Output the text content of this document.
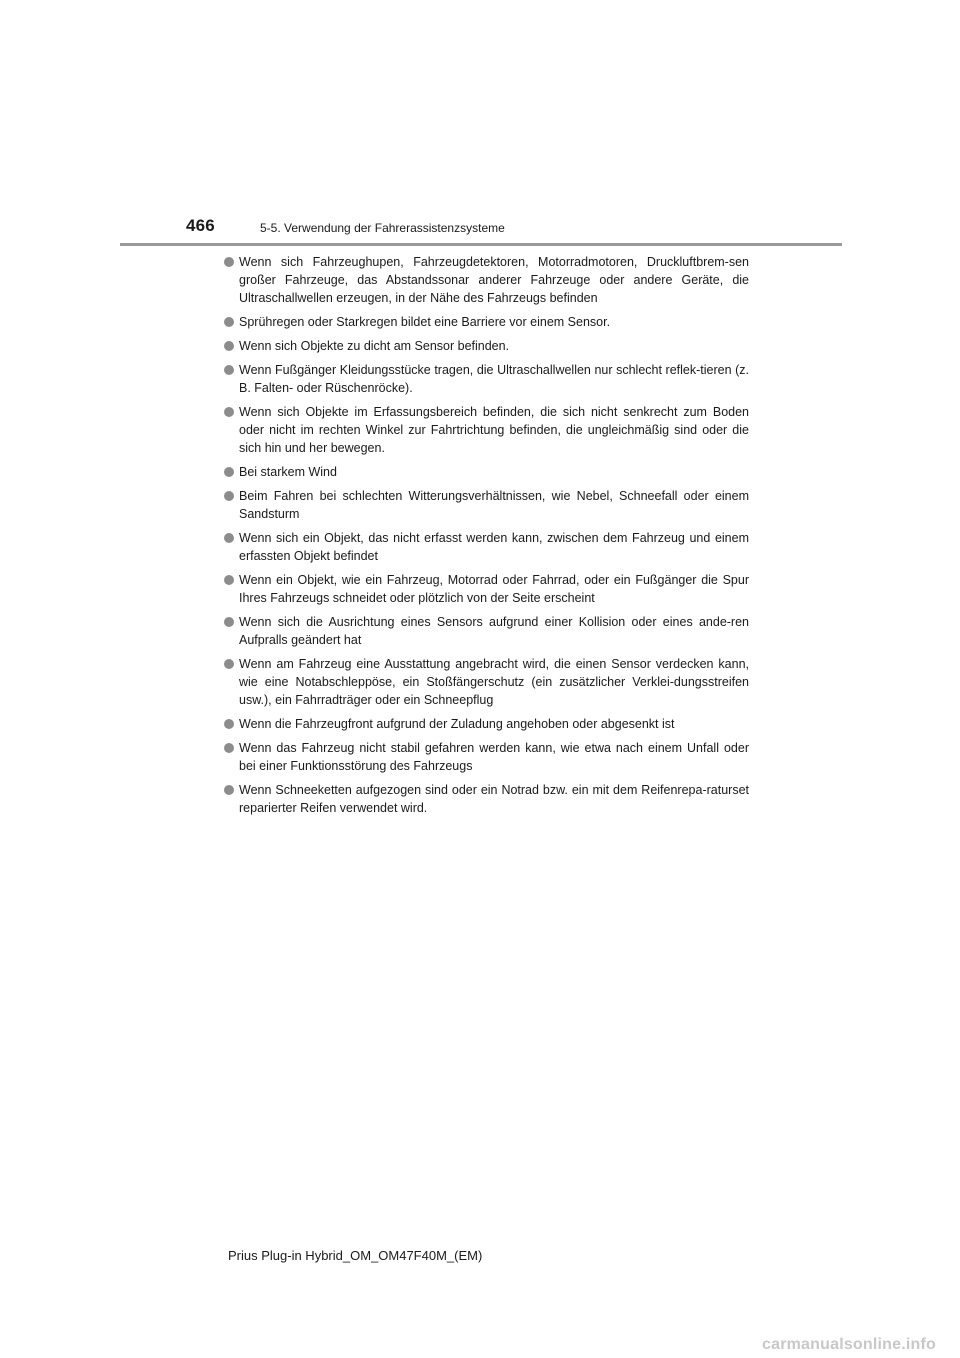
466	5-5. Verwendung der Fahrerassistenzsysteme
Wenn sich Fahrzeughupen, Fahrzeugdetektoren, Motorradmotoren, Druckluftbrem-sen großer Fahrzeuge, das Abstandssonar anderer Fahrzeuge oder andere Geräte, die Ultraschallwellen erzeugen, in der Nähe des Fahrzeugs befinden
Sprühregen oder Starkregen bildet eine Barriere vor einem Sensor.
Wenn sich Objekte zu dicht am Sensor befinden.
Wenn Fußgänger Kleidungsstücke tragen, die Ultraschallwellen nur schlecht reflek-tieren (z. B. Falten- oder Rüschenröcke).
Wenn sich Objekte im Erfassungsbereich befinden, die sich nicht senkrecht zum Boden oder nicht im rechten Winkel zur Fahrtrichtung befinden, die ungleichmäßig sind oder die sich hin und her bewegen.
Bei starkem Wind
Beim Fahren bei schlechten Witterungsverhältnissen, wie Nebel, Schneefall oder einem Sandsturm
Wenn sich ein Objekt, das nicht erfasst werden kann, zwischen dem Fahrzeug und einem erfassten Objekt befindet
Wenn ein Objekt, wie ein Fahrzeug, Motorrad oder Fahrrad, oder ein Fußgänger die Spur Ihres Fahrzeugs schneidet oder plötzlich von der Seite erscheint
Wenn sich die Ausrichtung eines Sensors aufgrund einer Kollision oder eines ande-ren Aufpralls geändert hat
Wenn am Fahrzeug eine Ausstattung angebracht wird, die einen Sensor verdecken kann, wie eine Notabschleppöse, ein Stoßfängerschutz (ein zusätzlicher Verklei-dungsstreifen usw.), ein Fahrradträger oder ein Schneepflug
Wenn die Fahrzeugfront aufgrund der Zuladung angehoben oder abgesenkt ist
Wenn das Fahrzeug nicht stabil gefahren werden kann, wie etwa nach einem Unfall oder bei einer Funktionsstörung des Fahrzeugs
Wenn Schneeketten aufgezogen sind oder ein Notrad bzw. ein mit dem Reifenrepa-raturset reparierter Reifen verwendet wird.
Prius Plug-in Hybrid_OM_OM47F40M_(EM)
carmanualsonline.info
